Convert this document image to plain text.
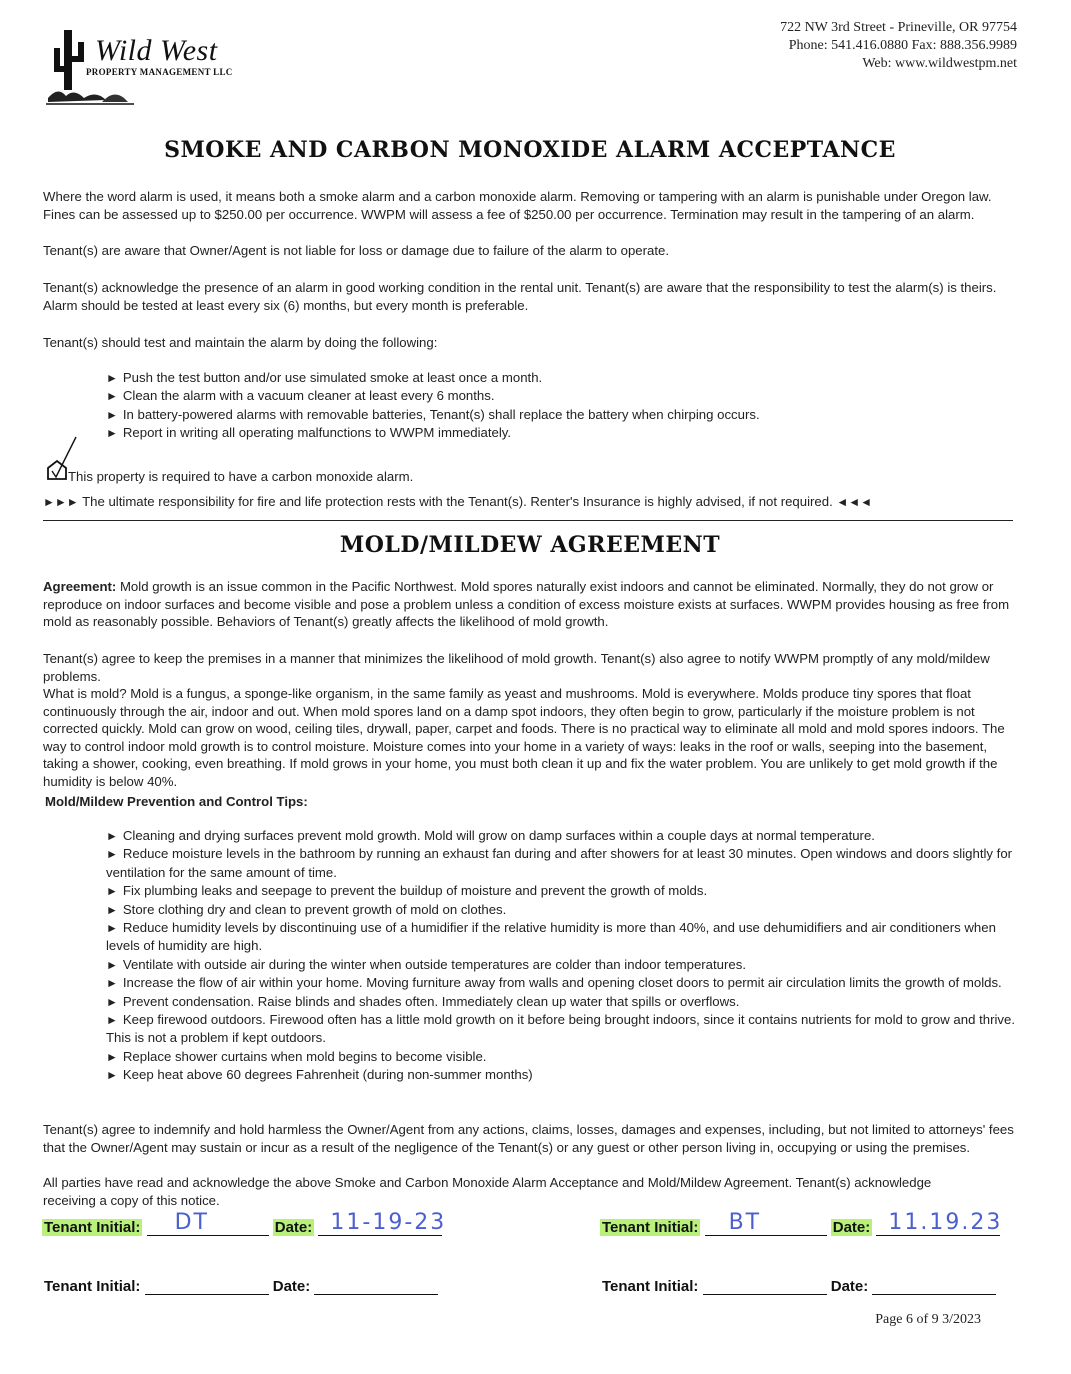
Wild West
PROPERTY MANAGEMENT LLC
722 NW 3rd Street - Prineville, OR 97754
Phone: 541.416.0880 Fax: 888.356.9989
Web: www.wildwestpm.net
SMOKE AND CARBON MONOXIDE ALARM ACCEPTANCE
Where the word alarm is used, it means both a smoke alarm and a carbon monoxide alarm. Removing or tampering with an alarm is punishable under Oregon law. Fines can be assessed up to $250.00 per occurrence. WWPM will assess a fee of $250.00 per occurrence. Termination may result in the tampering of an alarm.
Tenant(s) are aware that Owner/Agent is not liable for loss or damage due to failure of the alarm to operate.
Tenant(s) acknowledge the presence of an alarm in good working condition in the rental unit. Tenant(s) are aware that the responsibility to test the alarm(s) is theirs. Alarm should be tested at least every six (6) months, but every month is preferable.
Tenant(s) should test and maintain the alarm by doing the following:
► Push the test button and/or use simulated smoke at least once a month.
► Clean the alarm with a vacuum cleaner at least every 6 months.
► In battery-powered alarms with removable batteries, Tenant(s) shall replace the battery when chirping occurs.
► Report in writing all operating malfunctions to WWPM immediately.
This property is required to have a carbon monoxide alarm.
►►► The ultimate responsibility for fire and life protection rests with the Tenant(s). Renter's Insurance is highly advised, if not required. ◄◄◄
MOLD/MILDEW AGREEMENT
Agreement: Mold growth is an issue common in the Pacific Northwest. Mold spores naturally exist indoors and cannot be eliminated. Normally, they do not grow or reproduce on indoor surfaces and become visible and pose a problem unless a condition of excess moisture exists at surfaces. WWPM provides housing as free from mold as reasonably possible. Behaviors of Tenant(s) greatly affects the likelihood of mold growth.
Tenant(s) agree to keep the premises in a manner that minimizes the likelihood of mold growth. Tenant(s) also agree to notify WWPM promptly of any mold/mildew problems.
What is mold? Mold is a fungus, a sponge-like organism, in the same family as yeast and mushrooms. Mold is everywhere. Molds produce tiny spores that float continuously through the air, indoor and out. When mold spores land on a damp spot indoors, they often begin to grow, particularly if the moisture problem is not corrected quickly. Mold can grow on wood, ceiling tiles, drywall, paper, carpet and foods. There is no practical way to eliminate all mold and mold spores indoors. The way to control indoor mold growth is to control moisture. Moisture comes into your home in a variety of ways: leaks in the roof or walls, seeping into the basement, taking a shower, cooking, even breathing. If mold grows in your home, you must both clean it up and fix the water problem. You are unlikely to get mold growth if the humidity is below 40%.
Mold/Mildew Prevention and Control Tips:
► Cleaning and drying surfaces prevent mold growth. Mold will grow on damp surfaces within a couple days at normal temperature.
► Reduce moisture levels in the bathroom by running an exhaust fan during and after showers for at least 30 minutes. Open windows and doors slightly for ventilation for the same amount of time.
► Fix plumbing leaks and seepage to prevent the buildup of moisture and prevent the growth of molds.
► Store clothing dry and clean to prevent growth of mold on clothes.
► Reduce humidity levels by discontinuing use of a humidifier if the relative humidity is more than 40%, and use dehumidifiers and air conditioners when levels of humidity are high.
► Ventilate with outside air during the winter when outside temperatures are colder than indoor temperatures.
► Increase the flow of air within your home. Moving furniture away from walls and opening closet doors to permit air circulation limits the growth of molds.
► Prevent condensation. Raise blinds and shades often. Immediately clean up water that spills or overflows.
► Keep firewood outdoors. Firewood often has a little mold growth on it before being brought indoors, since it contains nutrients for mold to grow and thrive. This is not a problem if kept outdoors.
► Replace shower curtains when mold begins to become visible.
► Keep heat above 60 degrees Fahrenheit (during non-summer months)
Tenant(s) agree to indemnify and hold harmless the Owner/Agent from any actions, claims, losses, damages and expenses, including, but not limited to attorneys' fees that the Owner/Agent may sustain or incur as a result of the negligence of the Tenant(s) or any guest or other person living in, occupying or using the premises.
All parties have read and acknowledge the above Smoke and Carbon Monoxide Alarm Acceptance and Mold/Mildew Agreement. Tenant(s) acknowledge receiving a copy of this notice.
Tenant Initial: DT	Date: 11-19-23	Tenant Initial: BT	Date: 11.19.23
Tenant Initial:	Date:	Tenant Initial:	Date:
Page 6 of 9 3/2023
